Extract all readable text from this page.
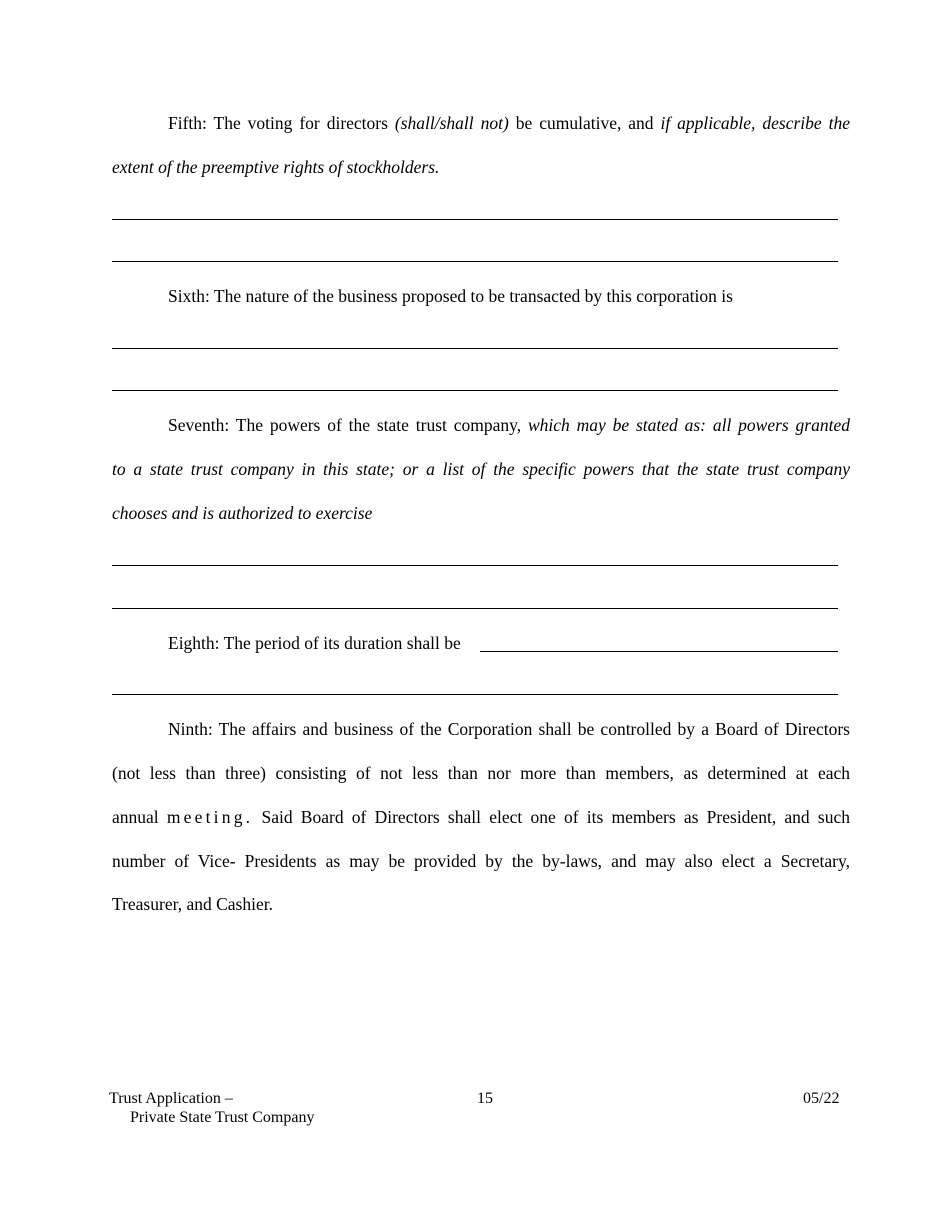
Fifth: The voting for directors (shall/shall not) be cumulative, and if applicable, describe the
extent of the preemptive rights of stockholders.
Sixth: The nature of the business proposed to be transacted by this corporation is
Seventh: The powers of the state trust company, which may be stated as: all powers granted
to a state trust company in this state; or a list of the specific powers that the state trust company
chooses and is authorized to exercise
Eighth: The period of its duration shall be
Ninth: The affairs and business of the Corporation shall be controlled by a Board of Directors
(not less than three) consisting of not less than nor more than members, as determined at each
annual meeting. Said Board of Directors shall elect one of its members as President, and such
number of Vice- Presidents as may be provided by the by-laws, and may also elect a Secretary,
Treasurer, and Cashier.
Trust Application –
Private State Trust Company
15	05/22
